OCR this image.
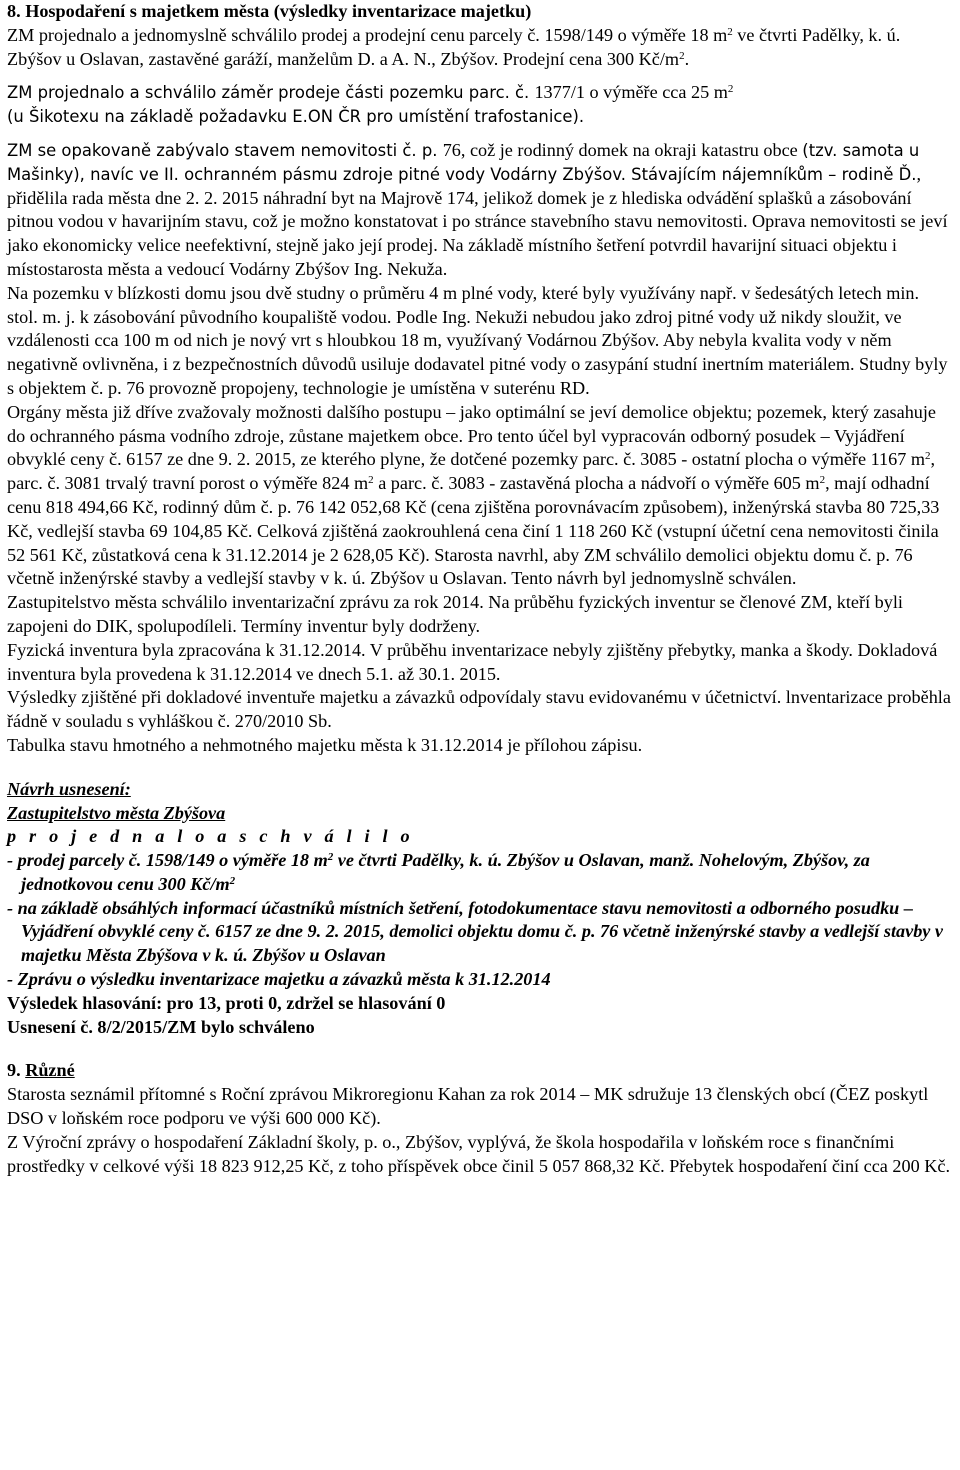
8. Hospodaření s majetkem města (výsledky inventarizace majetku)

ZM projednalo a jednomyslně schválilo prodej a prodejní cenu parcely č. 1598/149 o výměře 18 $m^2$ ve čtvrti Padělky, k. ú. Zbýšov u Oslavan, zastavěné garáží, manželům D. a A. N., Zbýšov. Prodejní cena 300 $Kč/m^2$.

ZM projednalo a schválilo záměr prodeje části pozemku parc. č. 1377/1 o výměře cca 25 $m^2$
(u Šikotexu na základě požadavku E.ON ČR pro umístění trafostanice).

ZM se opakovaně zabývalo stavem nemovitosti č. p. 76, což je rodinný domek na okraji katastru obce (tzv. samota u Mašinky), navíc ve II. ochranném pásmu zdroje pitné vody Vodárny Zbýšov. Stávajícím nájemníkům – rodině Ď., přidělila rada města dne 2. 2. 2015 náhradní byt na Majrově 174, jelikož domek je z hlediska odvádění splašků a zásobování pitnou vodou v havarijním stavu, což je možno konstatovat i po stránce stavebního stavu nemovitosti. Oprava nemovitosti se jeví jako ekonomicky velice neefektivní, stejně jako její prodej. Na základě místního šetření potvrdil havarijní situaci objektu i místostarosta města a vedoucí Vodárny Zbýšov Ing. Nekuža.

Na pozemku v blízkosti domu jsou dvě studny o průměru 4 m plné vody, které byly využívány např. v šedesátých letech min. stol. m. j. k zásobování původního koupaliště vodou. Podle Ing. Nekuži nebudou jako zdroj pitné vody už nikdy sloužit, ve vzdálenosti cca 100 m od nich je nový vrt s hloubkou 18 m, využívaný Vodárnou Zbýšov. Aby nebyla kvalita vody v něm negativně ovlivněna, i z bezpečnostních důvodů usiluje dodavatel pitné vody o zasypání studní inertním materiálem. Studny byly s objektem č. p. 76 provozně propojeny, technologie je umístěna v suterénu RD.

Orgány města již dříve zvažovaly možnosti dalšího postupu – jako optimální se jeví demolice objektu; pozemek, který zasahuje do ochranného pásma vodního zdroje, zůstane majetkem obce. Pro tento účel byl vypracován odborný posudek – Vyjádření obvyklé ceny č. 6157 ze dne 9. 2. 2015, ze kterého plyne, že dotčené pozemky parc. č. 3085 - ostatní plocha o výměře 1167 $m^2$, parc. č. 3081 trvalý travní porost o výměře 824 $m^2$ a parc. č. 3083 - zastavěná plocha a nádvoří o výměře 605 $m^2$, mají odhadní cenu 818 494,66 Kč, rodinný dům č. p. 76 142 052,68 Kč (cena zjištěna porovnávacím způsobem), inženýrská stavba 80 725,33 Kč, vedlejší stavba 69 104,85 Kč. Celková zjištěná zaokrouhlená cena činí 1 118 260 Kč (vstupní účetní cena nemovitosti činila 52 561 Kč, zůstatková cena k 31.12.2014 je 2 628,05 Kč). Starosta navrhl, aby ZM schválilo demolici objektu domu č. p. 76 včetně inženýrské stavby a vedlejší stavby v k. ú. Zbýšov u Oslavan. Tento návrh byl jednomyslně schválen.

Zastupitelstvo města schválilo inventarizační zprávu za rok 2014. Na průběhu fyzických inventur se členové ZM, kteří byli zapojeni do DIK, spolupodíleli. Termíny inventur byly dodrženy.

Fyzická inventura byla zpracována k 31.12.2014. V průběhu inventarizace nebyly zjištěny přebytky, manka a škody. Dokladová inventura byla provedena k 31.12.2014 ve dnech 5.1. až 30.1. 2015.

Výsledky zjištěné při dokladové inventuře majetku a závazků odpovídaly stavu evidovanému v účetnictví. lnventarizace proběhla řádně v souladu s vyhláškou č. 270/2010 Sb.

Tabulka stavu hmotného a nehmotného majetku města k 31.12.2014 je přílohou zápisu.

Návrh usnesení:

Zastupitelstvo města Zbýšova

p r o j e d n a l o a s c h v á l i l o

- prodej parcely č. 1598/149 o výměře 18 $m^2$ ve čtvrti Padělky, k. ú. Zbýšov u Oslavan, manž. Nohelovým, Zbýšov, za jednotkovou cenu 300 $Kč/m^2$

- na základě obsáhlých informací účastníků místních šetření, fotodokumentace stavu nemovitosti a odborného posudku – Vyjádření obvyklé ceny č. 6157 ze dne 9. 2. 2015, demolici objektu domu č. p. 76 včetně inženýrské stavby a vedlejší stavby v majetku Města Zbýšova v k. ú. Zbýšov u Oslavan

- Zprávu o výsledku inventarizace majetku a závazků města k 31.12.2014

Výsledek hlasování: pro 13, proti 0, zdržel se hlasování 0

Usnesení č. 8/2/2015/ZM bylo schváleno

9. Různé

Starosta seznámil přítomné s Roční zprávou Mikroregionu Kahan za rok 2014 – MK sdružuje 13 členských obcí (ČEZ poskytl DSO v loňském roce podporu ve výši 600 000 Kč).

Z Výroční zprávy o hospodaření Základní školy, p. o., Zbýšov, vyplývá, že škola hospodařila v loňském roce s finančními prostředky v celkové výši 18 823 912,25 Kč, z toho příspěvek obce činil 5 057 868,32 Kč. Přebytek hospodaření činí cca 200 Kč.
